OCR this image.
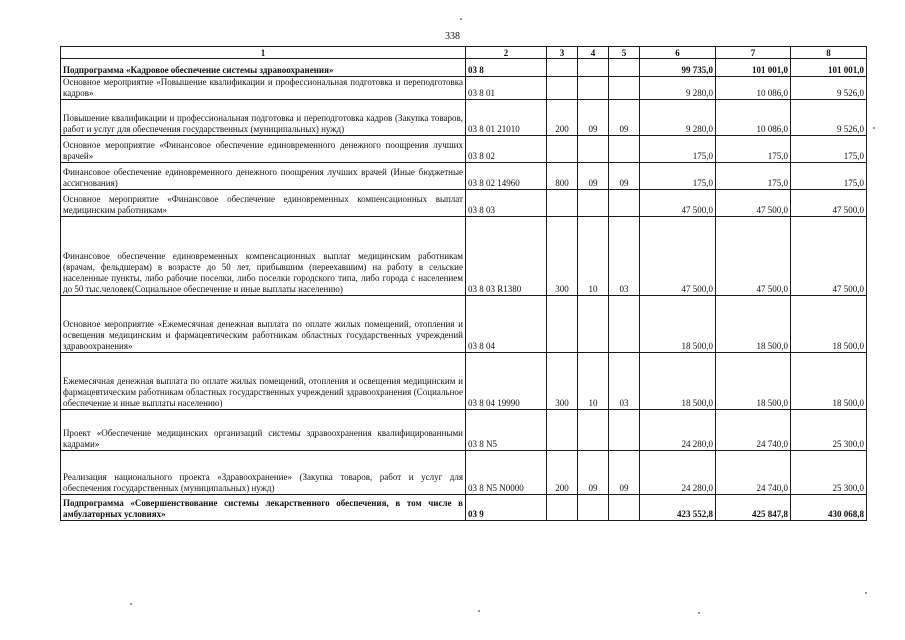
338
1	2	3	4	5	6	7	8
Подпрограмма «Кадровое обеспечение системы здравоохранения»	03 8				99 735,0	101 001,0	101 001,0
Основное мероприятие «Повышение квалификации и профессиональная подготовка и переподготовка кадров»	03 8 01				9 280,0	10 086,0	9 526,0
Повышение квалификации и профессиональная подготовка и переподготовка кадров (Закупка товаров, работ и услуг для обеспечения государственных (муниципальных) нужд)	03 8 01 21010	200	09	09	9 280,0	10 086,0	9 526,0
Основное мероприятие «Финансовое обеспечение единовременного денежного поощрения лучших врачей»	03 8 02				175,0	175,0	175,0
Финансовое обеспечение единовременного денежного поощрения лучших врачей (Иные бюджетные ассигнования)	03 8 02 14960	800	09	09	175,0	175,0	175,0
Основное мероприятие «Финансовое обеспечение единовременных компенсационных выплат медицинским работникам»	03 8 03				47 500,0	47 500,0	47 500,0
Финансовое обеспечение единовременных компенсационных выплат медицинским работникам (врачам, фельдшерам) в возрасте до 50 лет, прибывшим (переехавшим) на работу в сельские населенные пункты, либо рабочие поселки, либо поселки городского типа, либо города с населением до 50 тыс.человек(Социальное обеспечение и иные выплаты населению)	03 8 03 R1380	300	10	03	47 500,0	47 500,0	47 500,0
Основное мероприятие «Ежемесячная денежная выплата по оплате жилых помещений, отопления и освещения медицинским и фармацевтическим работникам областных государственных учреждений здравоохранения»	03 8 04				18 500,0	18 500,0	18 500,0
Ежемесячная денежная выплата по оплате жилых помещений, отопления и освещения медицинским и фармацевтическим работникам областных государственных учреждений здравоохранения (Социальное обеспечение и иные выплаты населению)	03 8 04 19990	300	10	03	18 500,0	18 500,0	18 500,0
Проект «Обеспечение медицинских организаций системы здравоохранения квалифицированными кадрами»	03 8 N5				24 280,0	24 740,0	25 300,0
Реализация национального проекта «Здравоохранение» (Закупка товаров, работ и услуг для обеспечения государственных (муниципальных) нужд)	03 8 N5 N0000	200	09	09	24 280,0	24 740,0	25 300,0
Подпрограмма «Совершенствование системы лекарственного обеспечения, в том числе в амбулаторных условиях»	03 9				423 552,8	425 847,8	430 068,8
